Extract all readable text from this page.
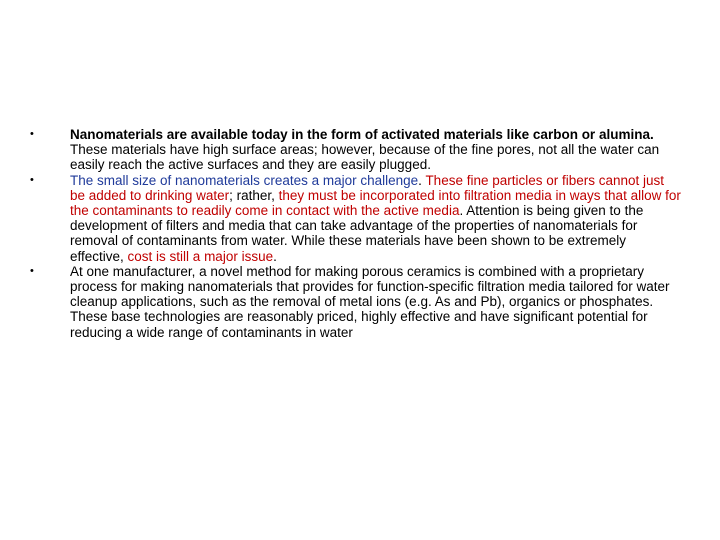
•	Nanomaterials are available today in the form of activated materials like carbon or alumina. These materials have high surface areas; however, because of the fine pores, not all the water can easily reach the active surfaces and they are easily plugged.
•	The small size of nanomaterials creates a major challenge. These fine particles or fibers cannot just be added to drinking water; rather, they must be incorporated into filtration media in ways that allow for the contaminants to readily come in contact with the active media. Attention is being given to the development of filters and media that can take advantage of the properties of nanomaterials for removal of contaminants from water. While these materials have been shown to be extremely effective, cost is still a major issue.
•	At one manufacturer, a novel method for making porous ceramics is combined with a proprietary process for making nanomaterials that provides for function-specific filtration media tailored for water cleanup applications, such as the removal of metal ions (e.g. As and Pb), organics or phosphates. These base technologies are reasonably priced, highly effective and have significant potential for reducing a wide range of contaminants in water
